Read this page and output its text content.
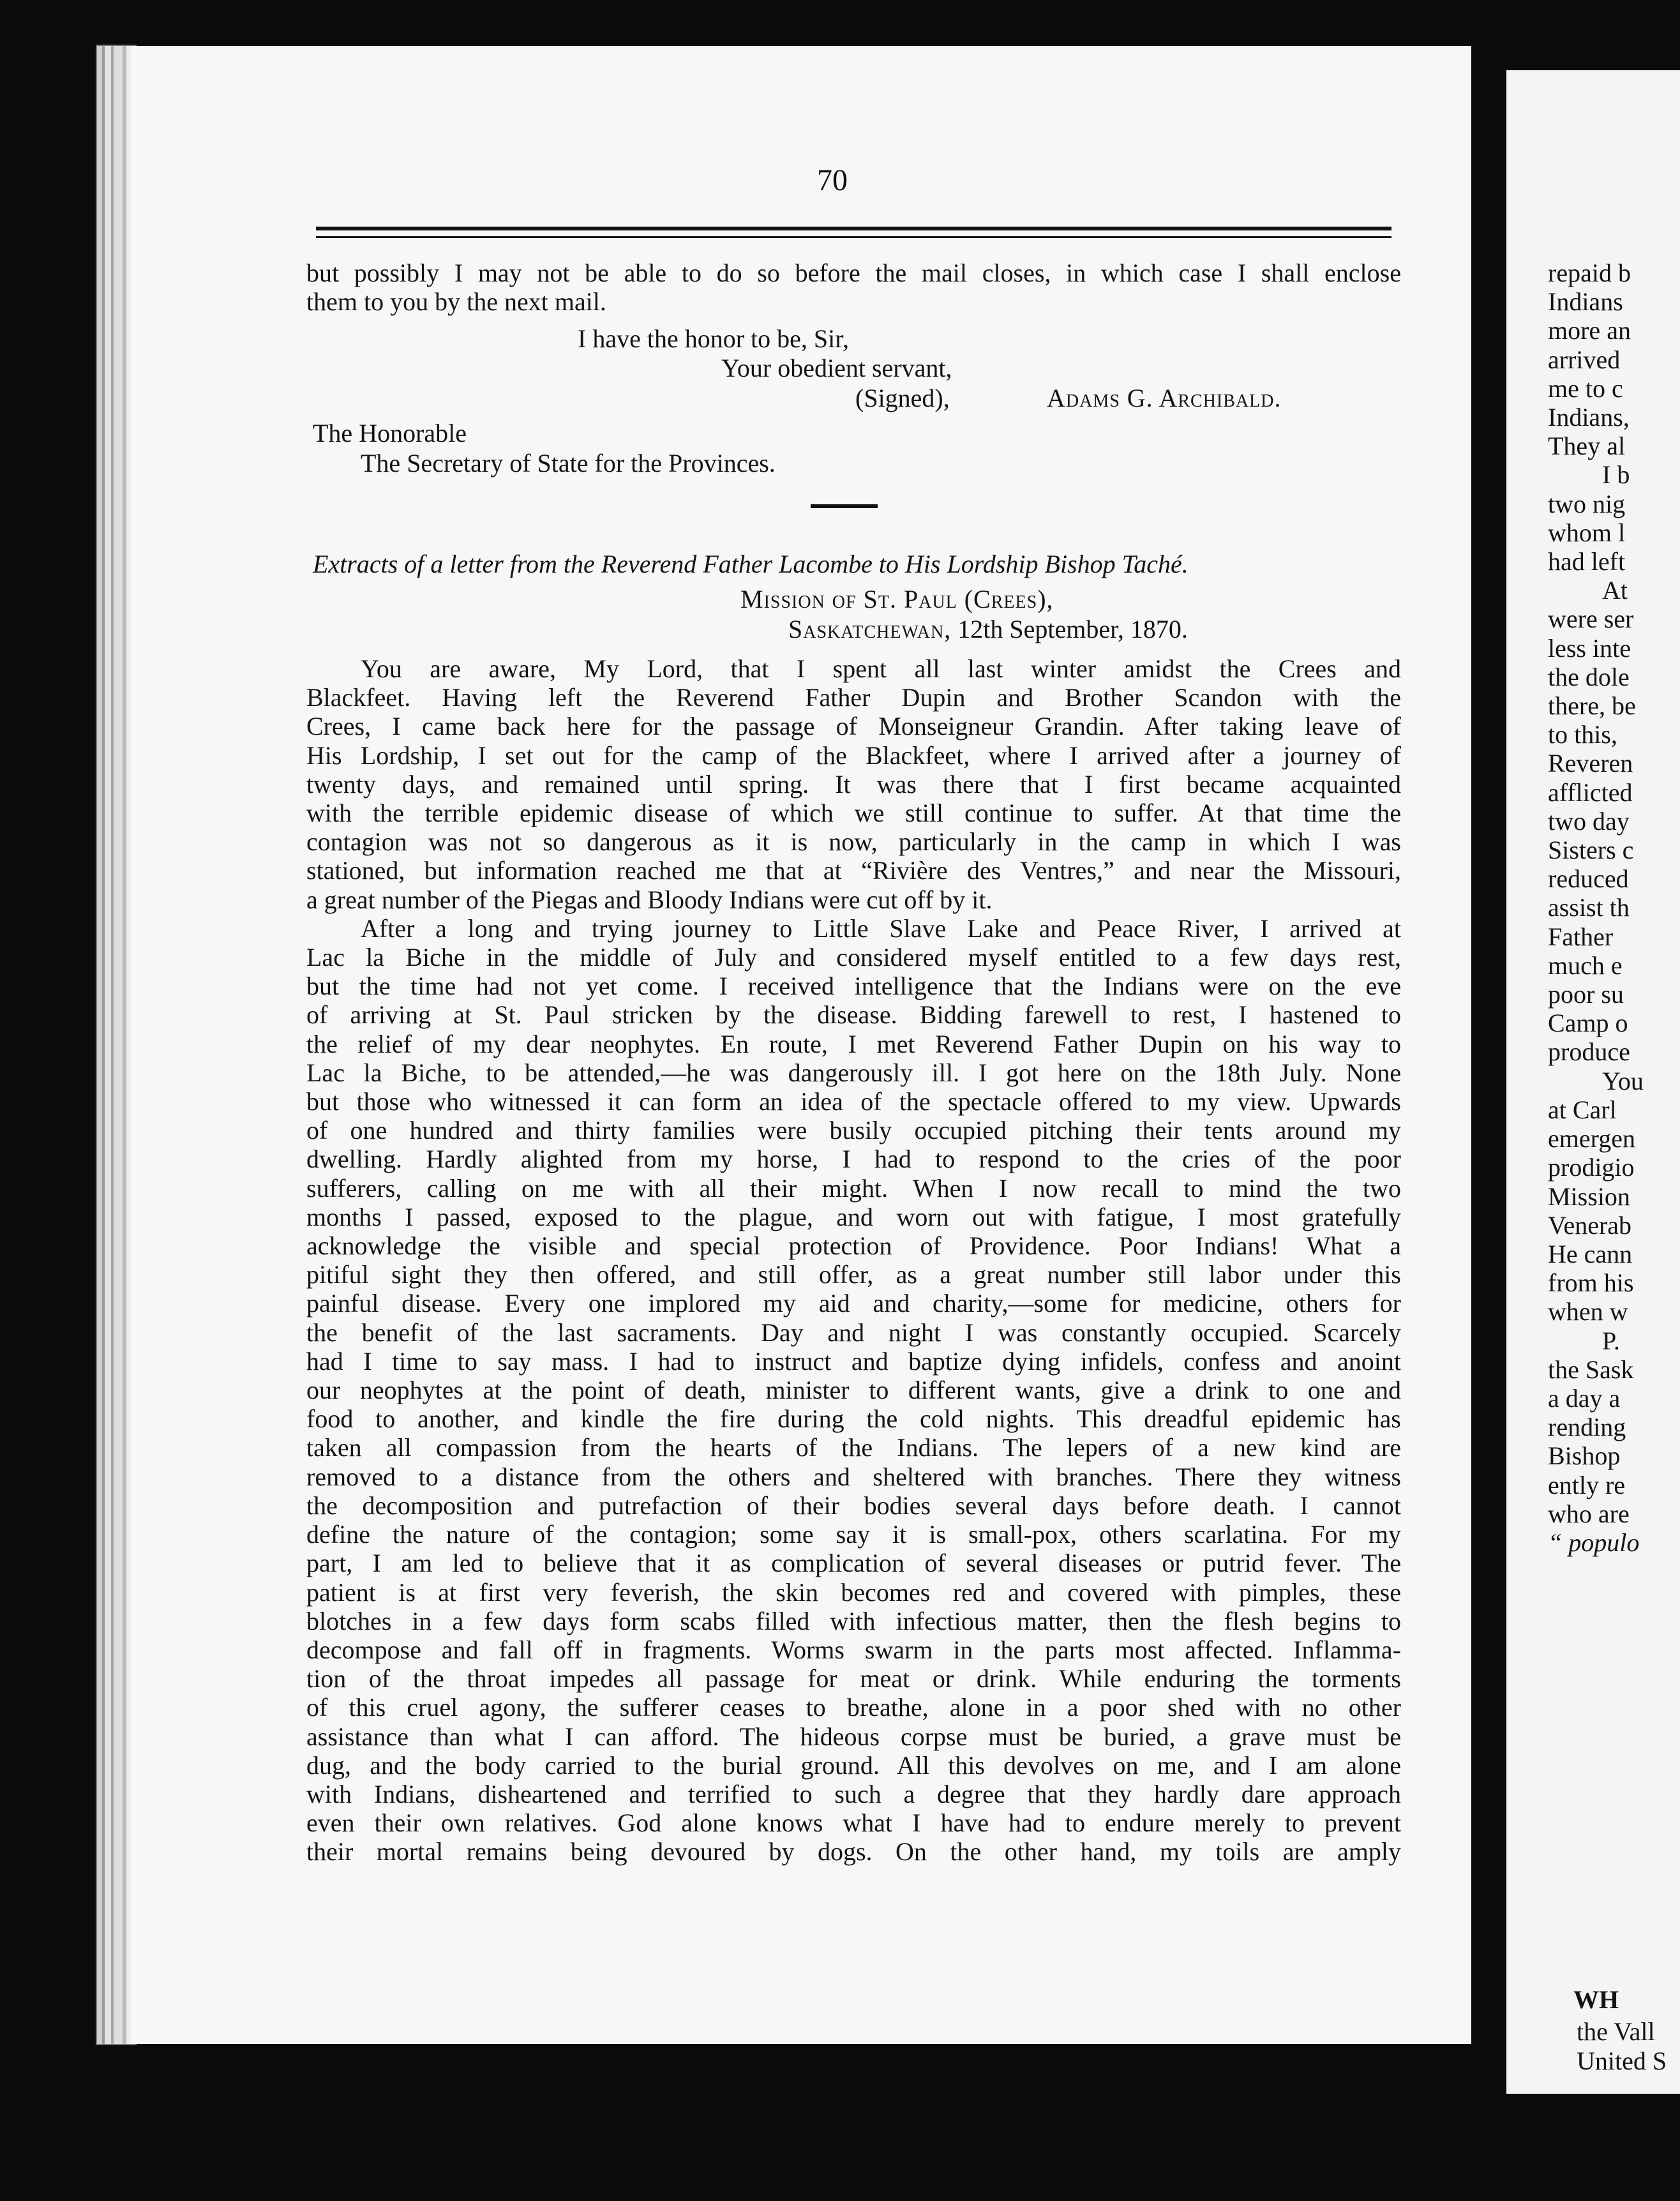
70
but possibly I may not be able to do so before the mail closes, in which case I shall enclose
them to you by the next mail.
I have the honor to be, Sir,
Your obedient servant,
(Signed),	Adams G. Archibald.
The Honorable
The Secretary of State for the Provinces.
Extracts of a letter from the Reverend Father Lacombe to His Lordship Bishop Taché.
Mission of St. Paul (Crees),
Saskatchewan, 12th September, 1870.
You are aware, My Lord, that I spent all last winter amidst the Crees and
Blackfeet. Having left the Reverend Father Dupin and Brother Scandon with the
Crees, I came back here for the passage of Monseigneur Grandin. After taking leave of
His Lordship, I set out for the camp of the Blackfeet, where I arrived after a journey of
twenty days, and remained until spring. It was there that I first became acquainted
with the terrible epidemic disease of which we still continue to suffer. At that time the
contagion was not so dangerous as it is now, particularly in the camp in which I was
stationed, but information reached me that at “Rivière des Ventres,” and near the Missouri,
a great number of the Piegas and Bloody Indians were cut off by it.
After a long and trying journey to Little Slave Lake and Peace River, I arrived at
Lac la Biche in the middle of July and considered myself entitled to a few days rest,
but the time had not yet come. I received intelligence that the Indians were on the eve
of arriving at St. Paul stricken by the disease. Bidding farewell to rest, I hastened to
the relief of my dear neophytes. En route, I met Reverend Father Dupin on his way to
Lac la Biche, to be attended,—he was dangerously ill. I got here on the 18th July. None
but those who witnessed it can form an idea of the spectacle offered to my view. Upwards
of one hundred and thirty families were busily occupied pitching their tents around my
dwelling. Hardly alighted from my horse, I had to respond to the cries of the poor
sufferers, calling on me with all their might. When I now recall to mind the two
months I passed, exposed to the plague, and worn out with fatigue, I most gratefully
acknowledge the visible and special protection of Providence. Poor Indians! What a
pitiful sight they then offered, and still offer, as a great number still labor under this
painful disease. Every one implored my aid and charity,—some for medicine, others for
the benefit of the last sacraments. Day and night I was constantly occupied. Scarcely
had I time to say mass. I had to instruct and baptize dying infidels, confess and anoint
our neophytes at the point of death, minister to different wants, give a drink to one and
food to another, and kindle the fire during the cold nights. This dreadful epidemic has
taken all compassion from the hearts of the Indians. The lepers of a new kind are
removed to a distance from the others and sheltered with branches. There they witness
the decomposition and putrefaction of their bodies several days before death. I cannot
define the nature of the contagion; some say it is small-pox, others scarlatina. For my
part, I am led to believe that it as complication of several diseases or putrid fever. The
patient is at first very feverish, the skin becomes red and covered with pimples, these
blotches in a few days form scabs filled with infectious matter, then the flesh begins to
decompose and fall off in fragments. Worms swarm in the parts most affected. Inflamma-
tion of the throat impedes all passage for meat or drink. While enduring the torments
of this cruel agony, the sufferer ceases to breathe, alone in a poor shed with no other
assistance than what I can afford. The hideous corpse must be buried, a grave must be
dug, and the body carried to the burial ground. All this devolves on me, and I am alone
with Indians, disheartened and terrified to such a degree that they hardly dare approach
even their own relatives. God alone knows what I have had to endure merely to prevent
their mortal remains being devoured by dogs. On the other hand, my toils are amply
repaid b
Indians
more an
arrived
me to c
Indians,
They al
I b
two nig
whom l
had left
At
were ser
less inte
the dole
there, be
to this,
Reveren
afflicted
two day
Sisters c
reduced
assist th
Father
much e
poor su
Camp o
produce
You
at Carl
emergen
prodigio
Mission
Venerab
He cann
from his
when w
P.
the Sask
a day a
rending
Bishop
ently re
who are
“ populo
WH
the Vall
United S
